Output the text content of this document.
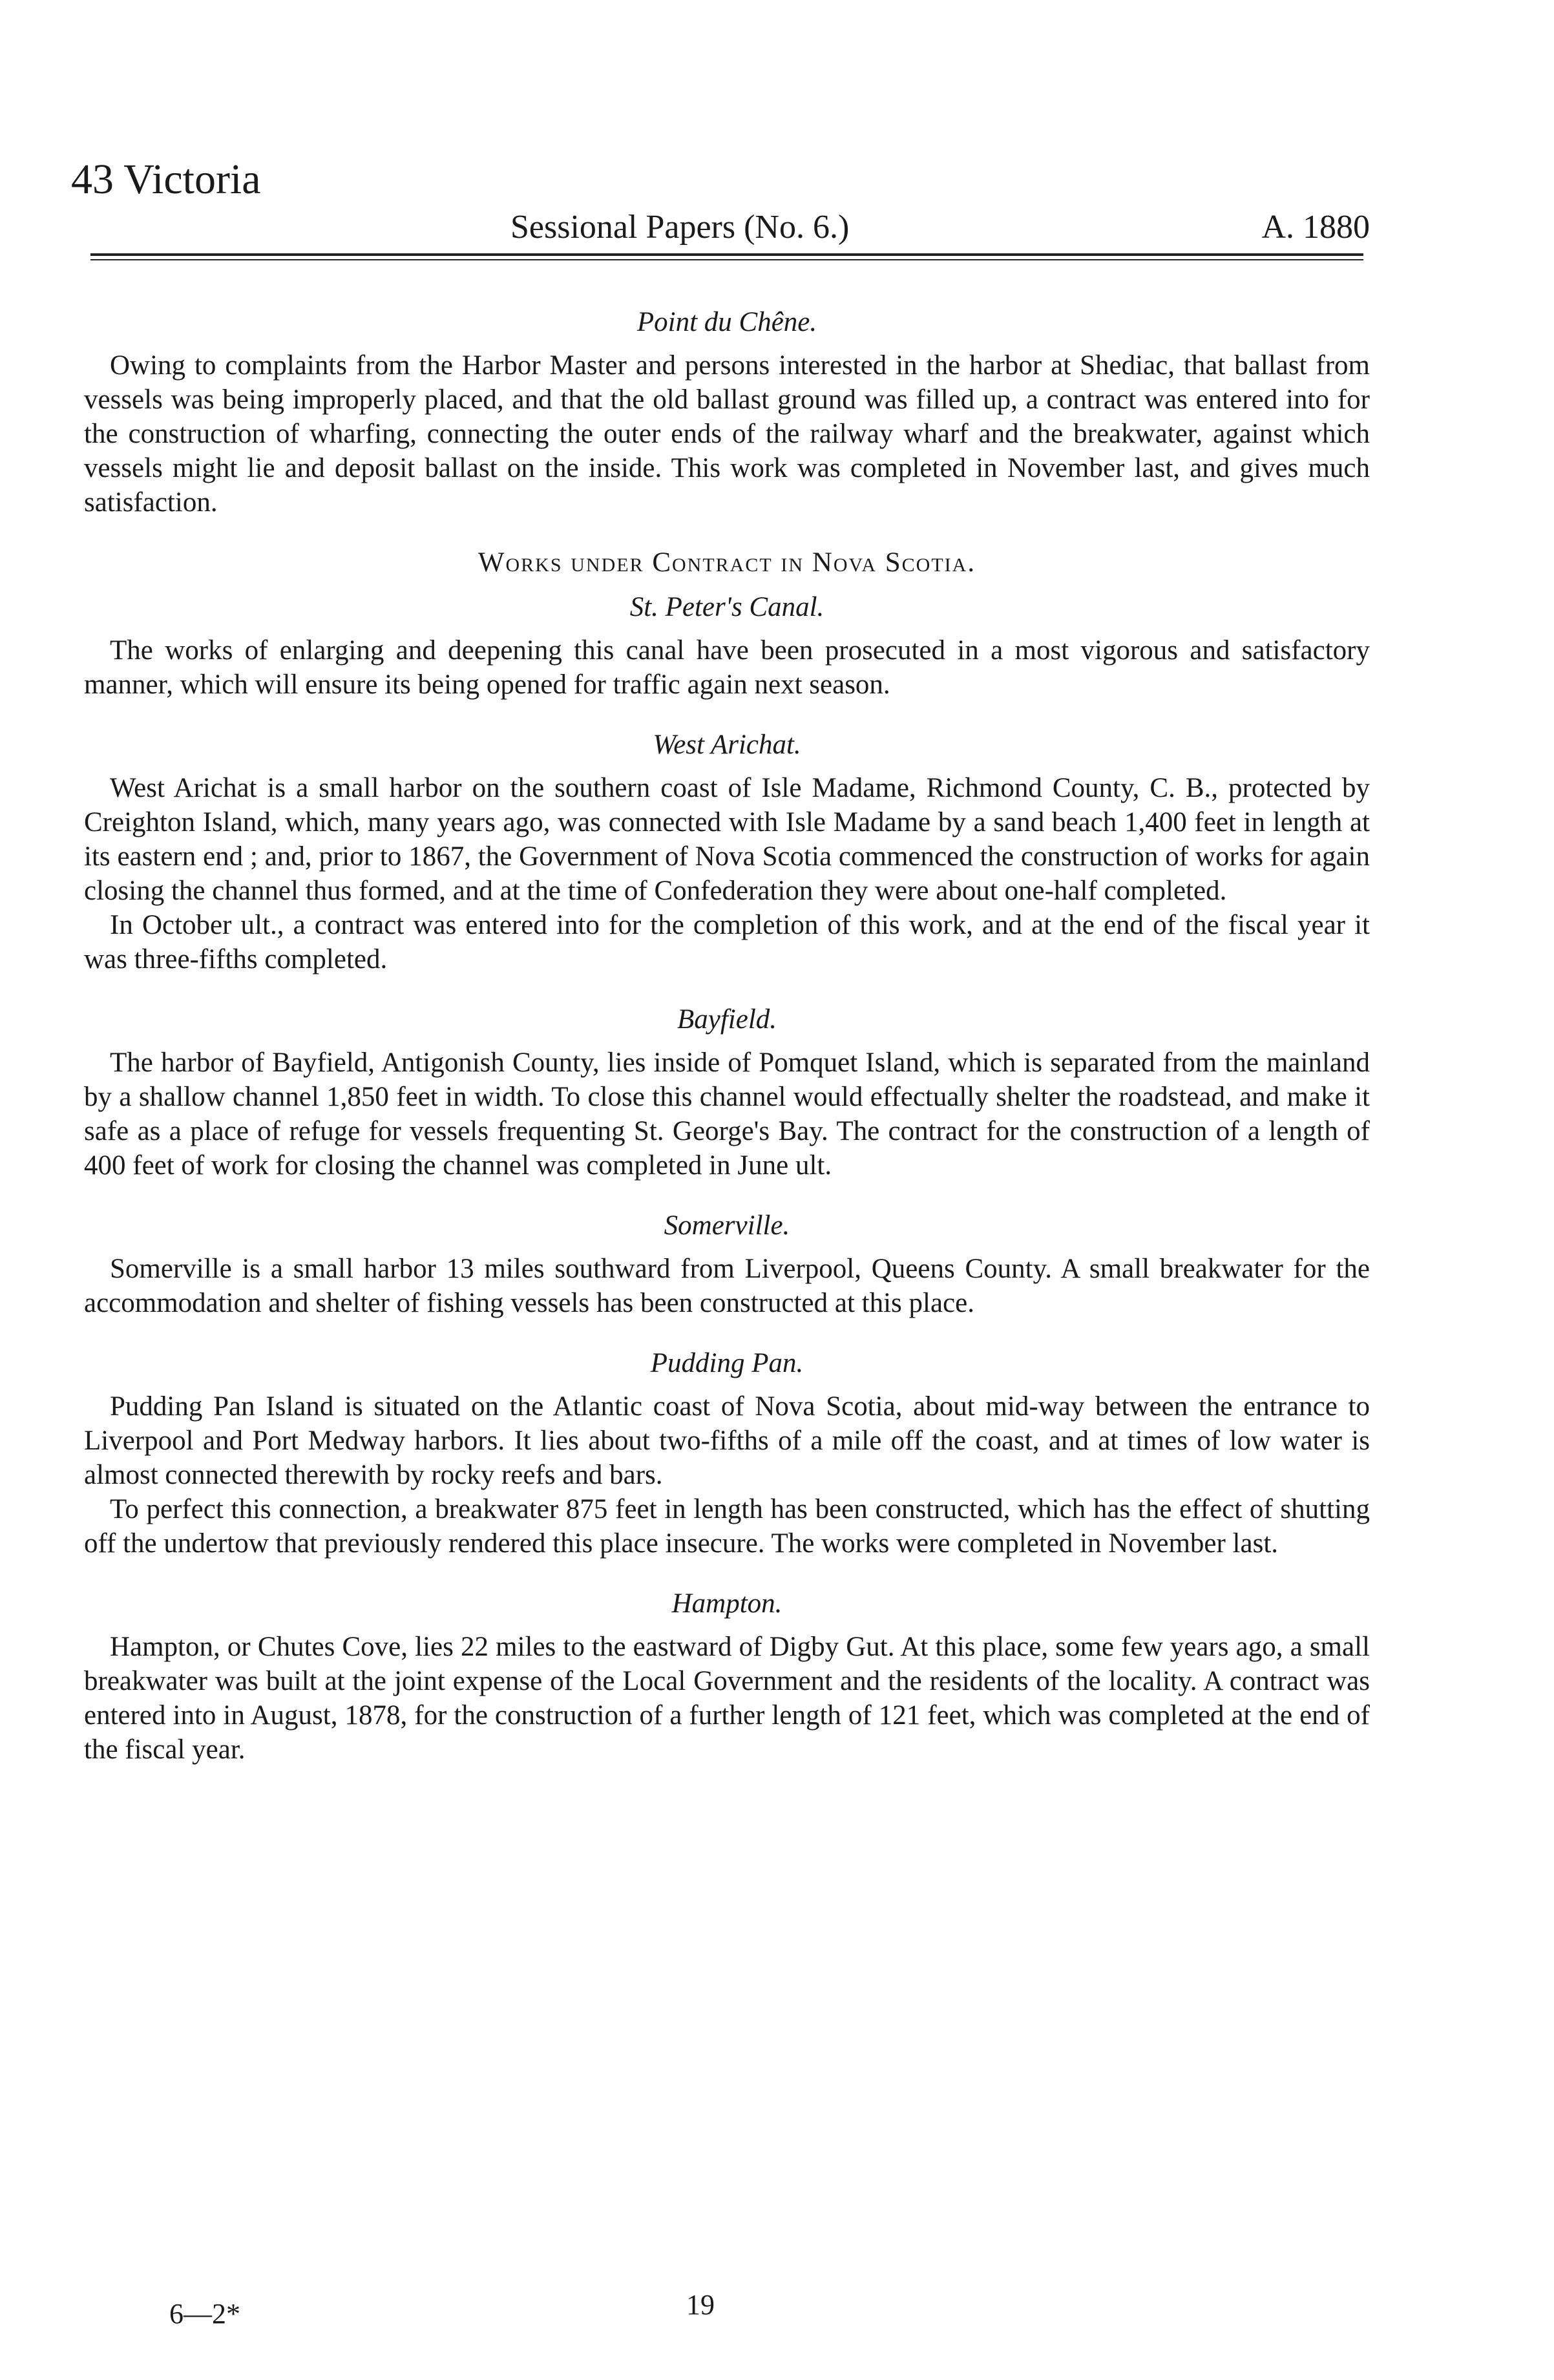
43 Victoria
Sessional Papers (No. 6.)	A. 1880
Point du Chêne.

Owing to complaints from the Harbor Master and persons interested in the harbor at Shediac, that ballast from vessels was being improperly placed, and that the old ballast ground was filled up, a contract was entered into for the construction of wharfing, connecting the outer ends of the railway wharf and the breakwater, against which vessels might lie and deposit ballast on the inside. This work was completed in November last, and gives much satisfaction.

Works under Contract in Nova Scotia.
St. Peter's Canal.

The works of enlarging and deepening this canal have been prosecuted in a most vigorous and satisfactory manner, which will ensure its being opened for traffic again next season.

West Arichat.

West Arichat is a small harbor on the southern coast of Isle Madame, Richmond County, C. B., protected by Creighton Island, which, many years ago, was connected with Isle Madame by a sand beach 1,400 feet in length at its eastern end ; and, prior to 1867, the Government of Nova Scotia commenced the construction of works for again closing the channel thus formed, and at the time of Confederation they were about one-half completed.

In October ult., a contract was entered into for the completion of this work, and at the end of the fiscal year it was three-fifths completed.

Bayfield.

The harbor of Bayfield, Antigonish County, lies inside of Pomquet Island, which is separated from the mainland by a shallow channel 1,850 feet in width. To close this channel would effectually shelter the roadstead, and make it safe as a place of refuge for vessels frequenting St. George's Bay. The contract for the construction of a length of 400 feet of work for closing the channel was completed in June ult.

Somerville.

Somerville is a small harbor 13 miles southward from Liverpool, Queens County. A small breakwater for the accommodation and shelter of fishing vessels has been constructed at this place.

Pudding Pan.

Pudding Pan Island is situated on the Atlantic coast of Nova Scotia, about mid-way between the entrance to Liverpool and Port Medway harbors. It lies about two-fifths of a mile off the coast, and at times of low water is almost connected therewith by rocky reefs and bars.

To perfect this connection, a breakwater 875 feet in length has been constructed, which has the effect of shutting off the undertow that previously rendered this place insecure. The works were completed in November last.

Hampton.

Hampton, or Chutes Cove, lies 22 miles to the eastward of Digby Gut. At this place, some few years ago, a small breakwater was built at the joint expense of the Local Government and the residents of the locality. A contract was entered into in August, 1878, for the construction of a further length of 121 feet, which was completed at the end of the fiscal year.

6—2*	19
